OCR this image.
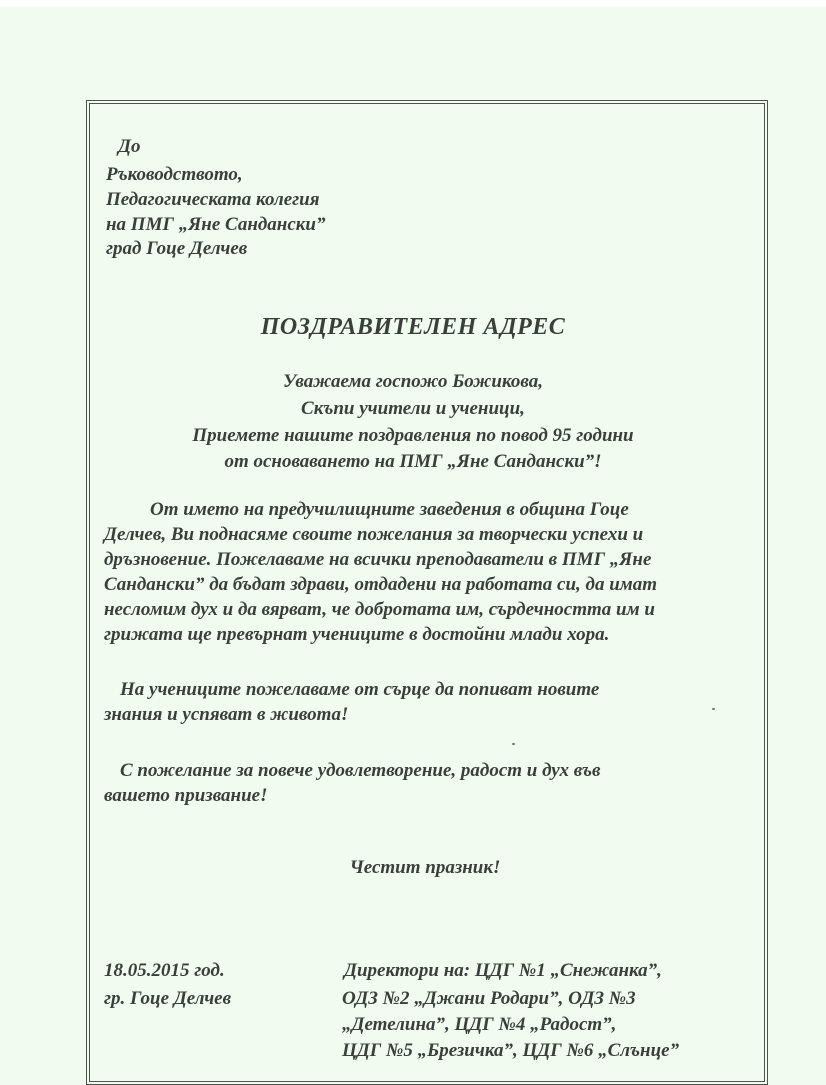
До
Ръководството,
Педагогическата колегия
на ПМГ „Яне Сандански”
град Гоце Делчев
ПОЗДРАВИТЕЛЕН АДРЕС
Уважаема госпожо Божикова,
Скъпи учители и ученици,
Приемете нашите поздравления по повод 95 години
от основаването на ПМГ „Яне Сандански”!
От името на предучилищните заведения в община Гоце
Делчев, Ви поднасяме своите пожелания за творчески успехи и
дръзновение. Пожелаваме на всички преподаватели в ПМГ „Яне
Сандански” да бъдат здрави, отдадени на работата си, да имат
несломим дух и да вярват, че добротата им, сърдечността им и
грижата ще превърнат учениците в достойни млади хора.
На учениците пожелаваме от сърце да попиват новите
знания и успяват в живота!
С пожелание за повече удовлетворение, радост и дух във
вашето призвание!
Честит празник!
18.05.2015 год.
гр. Гоце Делчев
Директори на: ЦДГ №1 „Снежанка”,
ОДЗ №2 „Джани Родари”, ОДЗ №3
„Детелина”, ЦДГ №4 „Радост”,
ЦДГ №5 „Брезичка”, ЦДГ №6 „Слънце”
